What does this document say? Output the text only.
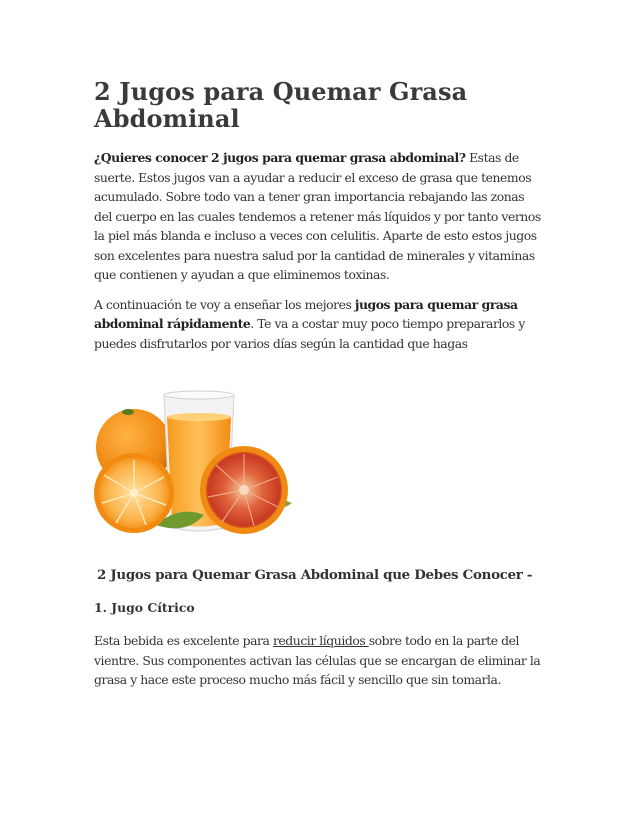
2 Jugos para Quemar Grasa Abdominal

¿Quieres conocer 2 jugos para quemar grasa abdominal? Estas de suerte. Estos jugos van a ayudar a reducir el exceso de grasa que tenemos acumulado. Sobre todo van a tener gran importancia rebajando las zonas del cuerpo en las cuales tendemos a retener más líquidos y por tanto vernos la piel más blanda e incluso a veces con celulitis. Aparte de esto estos jugos son excelentes para nuestra salud por la cantidad de minerales y vitaminas que contienen y ayudan a que eliminemos toxinas.

A continuación te voy a enseñar los mejores jugos para quemar grasa abdominal rápidamente. Te va a costar muy poco tiempo prepararlos y puedes disfrutarlos por varios días según la cantidad que hagas

2 Jugos para Quemar Grasa Abdominal que Debes Conocer -
1. Jugo Cítrico

Esta bebida es excelente para reducir líquidos sobre todo en la parte del vientre. Sus componentes activan las células que se encargan de eliminar la grasa y hace este proceso mucho más fácil y sencillo que sin tomarla.
